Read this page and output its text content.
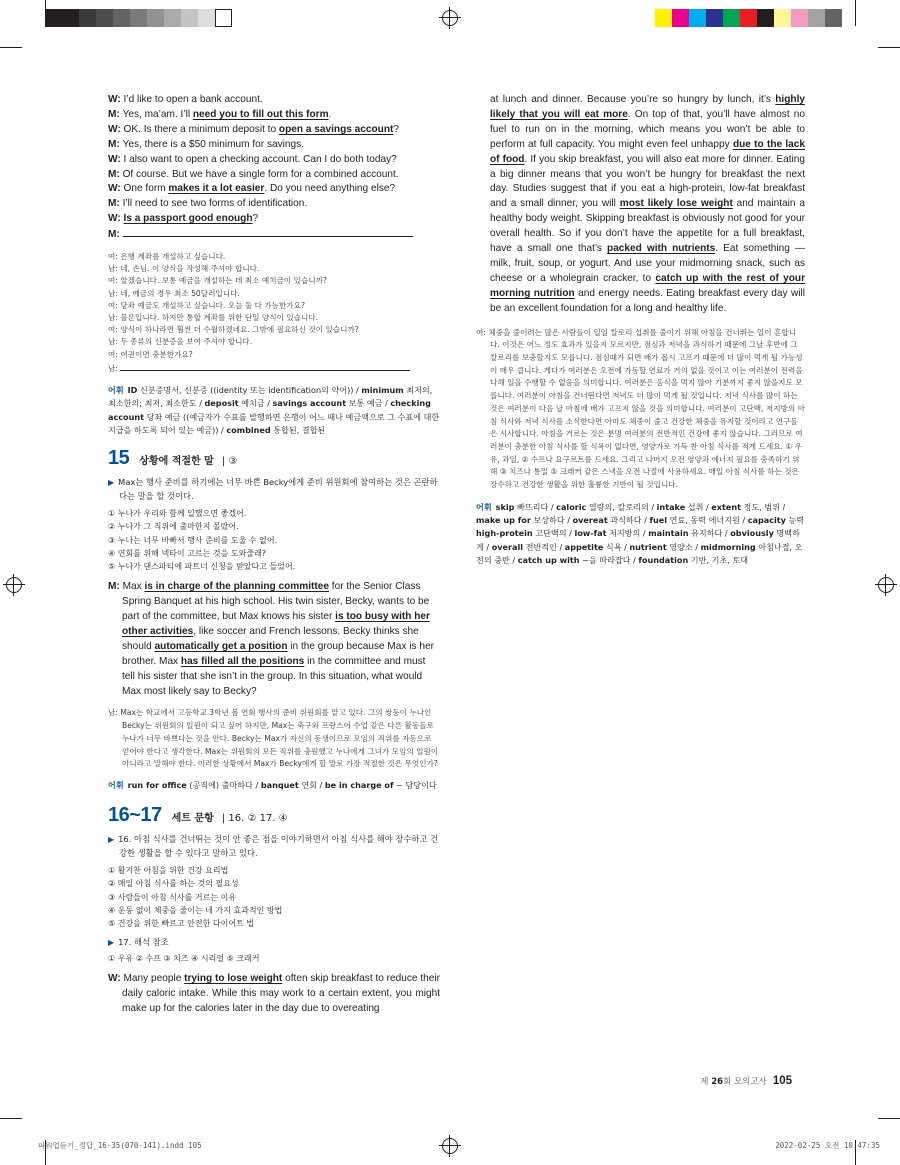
W: I’d like to open a bank account.

M: Yes, ma’am. I’ll need you to fill out this form.

W: OK. Is there a minimum deposit to open a savings account?

M: Yes, there is a $50 minimum for savings.

W: I also want to open a checking account. Can I do both today?

M: Of course. But we have a single form for a combined account.

W: One form makes it a lot easier. Do you need anything else?

M: I’ll need to see two forms of identification.

W: Is a passport good enough?

M:

여: 은행 계좌를 개설하고 싶습니다.

남: 네, 손님. 이 양식을 작성해 주셔야 합니다.

여: 알겠습니다. 보통 예금을 개설하는 데 최소 예치금이 있습니까?

남: 네, 예금의 경우 최소 50달러입니다.

여: 당좌 예금도 개설하고 싶습니다. 오늘 둘 다 가능한가요?

남: 물론입니다. 하지만 통합 계좌를 위한 단일 양식이 있습니다.

여: 양식이 하나라면 훨씬 더 수월하겠네요. 그밖에 필요하신 것이 있습니까?

남: 두 종류의 신분증을 보여 주셔야 합니다.

여: 여권이면 충분한가요?

남:

어휘 ID 신분증명서, 신분증 ((identity 또는 identification의 약어)) / minimum 최저의, 최소한의; 최저, 최소한도 / deposit 예치금 / savings account 보통 예금 / checking account 당좌 예금 ((예금자가 수표를 발행하면 은행이 어느 때나 예금액으로 그 수표에 대한 지급을 하도록 되어 있는 예금)) / combined 통합된, 결합된
15 상황에 적절한 말 | ③

▶ Max는 행사 준비를 하기에는 너무 바쁜 Becky에게 준비 위원회에 참여하는 것은 곤란하다는 말을 할 것이다.

① 누나가 우리와 함께 일했으면 좋겠어.

② 누나가 그 직위에 출마한지 몰랐어.

③ 누나는 너무 바빠서 행사 준비를 도울 수 없어.

④ 연회를 위해 넥타이 고르는 것을 도와줄래?

⑤ 누나가 댄스파티에 파트너 신청을 받았다고 들었어.

M: Max is in charge of the planning committee for the Senior Class Spring Banquet at his high school. His twin sister, Becky, wants to be part of the committee, but Max knows his sister is too busy with her other activities, like soccer and French lessons. Becky thinks she should automatically get a position in the group because Max is her brother. Max has filled all the positions in the committee and must tell his sister that she isn’t in the group. In this situation, what would Max most likely say to Becky?

남: Max는 학교에서 고등학교 3학년 봄 연회 행사의 준비 위원회를 맡고 있다. 그의 쌍둥이 누나인 Becky는 위원회의 일원이 되고 싶어 하지만, Max는 축구와 프랑스어 수업 같은 다른 활동들로 누나가 너무 바쁘다는 것을 안다. Becky는 Max가 자신의 동생이므로 모임의 직위를 자동으로 얻어야 한다고 생각한다. Max는 위원회의 모든 직위를 충원했고 누나에게 그녀가 모임의 일원이 아니라고 말해야 한다. 이러한 상황에서 Max가 Becky에게 할 말로 가장 적절한 것은 무엇인가?

어휘 run for office (공직에) 출마하다 / banquet 연회 / be in charge of ~ 담당이다
16~17 세트 문항 | 16. ② 17. ④

▶ 16. 아침 식사를 건너뛰는 것이 안 좋은 점을 이야기하면서 아침 식사를 해야 장수하고 건강한 생활을 할 수 있다고 말하고 있다.

① 활기찬 아침을 위한 건강 요리법

② 매일 아침 식사를 하는 것의 필요성

③ 사람들이 아침 식사를 거르는 이유

④ 운동 없이 체중을 줄이는 네 가지 효과적인 방법

⑤ 건강을 위한 빠르고 안전한 다이어트 법

▶ 17. 해석 참조

① 우유 ② 수프 ③ 치즈 ④ 시리얼 ⑤ 크래커

W: Many people trying to lose weight often skip breakfast to reduce their daily caloric intake. While this may work to a certain extent, you might make up for the calories later in the day due to overeating

at lunch and dinner. Because you’re so hungry by lunch, it’s highly likely that you will eat more. On top of that, you’ll have almost no fuel to run on in the morning, which means you won’t be able to perform at full capacity. You might even feel unhappy due to the lack of food. If you skip breakfast, you will also eat more for dinner. Eating a big dinner means that you won’t be hungry for breakfast the next day. Studies suggest that if you eat a high-protein, low-fat breakfast and a small dinner, you will most likely lose weight and maintain a healthy body weight. Skipping breakfast is obviously not good for your overall health. So if you don’t have the appetite for a full breakfast, have a small one that’s packed with nutrients. Eat something — milk, fruit, soup, or yogurt. And use your midmorning snack, such as cheese or a wholegrain cracker, to catch up with the rest of your morning nutrition and energy needs. Eating breakfast every day will be an excellent foundation for a long and healthy life.

여: 체중을 줄이려는 많은 사람들이 일일 칼로리 섭취를 줄이기 위해 아침을 건너뛰는 일이 흔합니다. 이것은 어느 정도 효과가 있을지 모르지만, 점심과 저녁을 과식하기 때문에 그날 후반에 그 칼로리를 보충할지도 모릅니다. 점심때가 되면 배가 몹시 고프기 때문에 더 많이 먹게 될 가능성이 매우 큽니다. 게다가 여러분은 오전에 가동할 연료가 거의 없을 것이고 이는 여러분이 전력을 다해 일을 수행할 수 없음을 의미합니다. 여러분은 음식을 먹지 않아 기분까지 좋지 않을지도 모릅니다. 여러분이 아침을 건너뛴다면 저녁도 더 많이 먹게 될 것입니다. 저녁 식사를 많이 하는 것은 여러분이 다음 날 아침에 배가 고프지 않을 것을 의미합니다. 여러분이 고단백, 저지방의 아침 식사와 저녁 식사를 소식한다면 아마도 체중이 줄고 건강한 체중을 유지할 것이라고 연구들은 시사합니다. 아침을 거르는 것은 분명 여러분의 전반적인 건강에 좋지 않습니다. 그러므로 여러분이 충분한 아침 식사를 할 식욕이 없다면, 영양가로 가득 찬 아침 식사를 적게 드세요. ① 우유, 과일, ② 수프나 요구르트를 드세요. 그리고 나머지 오전 영양과 에너지 필요를 충족하기 위해 ③ 치즈나 통밀 ⑤ 크래커 같은 스낵을 오전 나절에 사용하세요. 매일 아침 식사를 하는 것은 장수하고 건강한 생활을 위한 훌륭한 기반이 될 것입니다.

어휘 skip 빠뜨리다 / caloric 열량의, 칼로리의 / intake 섭취 / extent 정도, 범위 / make up for 보상하다 / overeat 과식하다 / fuel 연료, 동력 에너지원 / capacity 능력 high-protein 고단백의 / low-fat 저지방의 / maintain 유지하다 / obviously 명백하게 / overall 전반적인 / appetite 식욕 / nutrient 영양소 / midmorning 아침나절, 오전의 중반 / catch up with ~을 따라잡다 / foundation 기반, 기초, 토대
제 26회 모의고사 105
파워업듣기_정답_16-35(070-141).indd 105	2022-02-25 오전 10:47:35
